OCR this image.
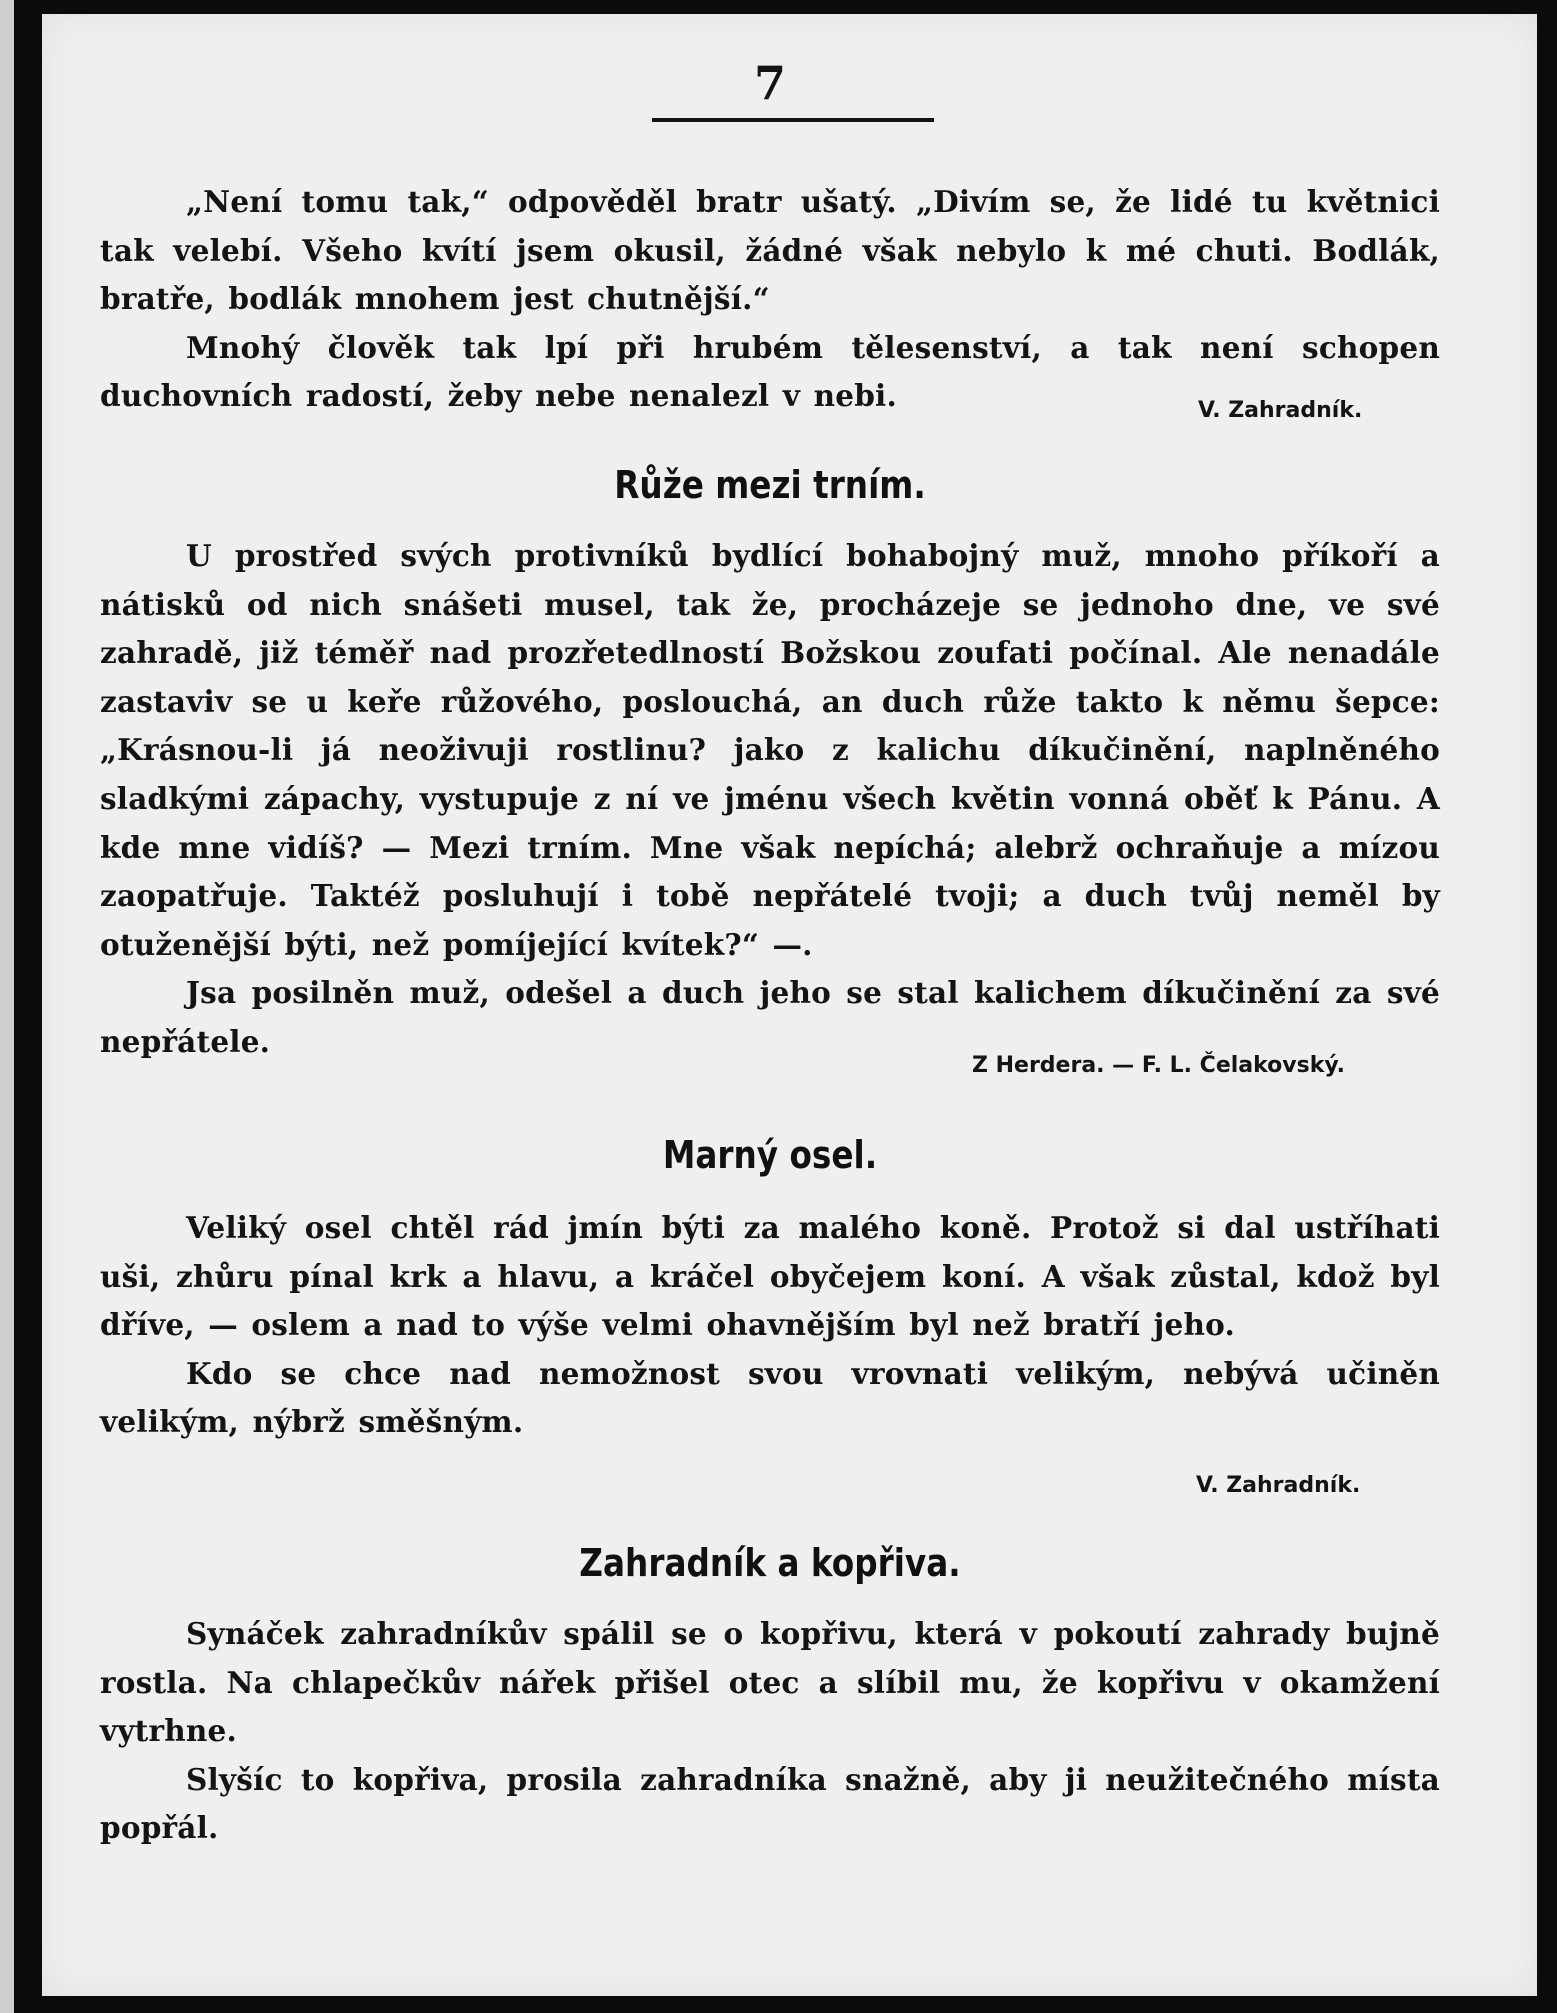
7

„Není tomu tak,“ odpověděl bratr ušatý. „Divím se, že lidé tu květnici tak velebí. Všeho kvítí jsem okusil, žádné však nebylo k mé chuti. Bodlák, bratře, bodlák mnohem jest chutnější.“

Mnohý člověk tak lpí při hrubém tělesenství, a tak není schopen duchovních radostí, žeby nebe nenalezl v nebi.	V. Zahradník.
Růže mezi trním.

U prostřed svých protivníků bydlící bohabojný muž, mnoho příkoří a nátisků od nich snášeti musel, tak že, procházeje se jednoho dne, ve své zahradě, již téměř nad prozřetedlností Božskou zoufati počínal. Ale nenadále zastaviv se u keře růžového, poslouchá, an duch růže takto k němu šepce: „Krásnou-li já neoživuji rostlinu? jako z kalichu díkučinění, naplněného sladkými zápachy, vystupuje z ní ve jménu všech květin vonná oběť k Pánu. A kde mne vidíš? — Mezi trním. Mne však nepíchá; alebrž ochraňuje a mízou zaopatřuje. Taktéž posluhují i tobě nepřátelé tvoji; a duch tvůj neměl by otuženější býti, než pomíjející kvítek?“ —.

Jsa posilněn muž, odešel a duch jeho se stal kalichem díkučinění za své nepřátele.

Z Herdera. — F. L. Čelakovský.
Marný osel.

Veliký osel chtěl rád jmín býti za malého koně. Protož si dal ustříhati uši, zhůru pínal krk a hlavu, a kráčel obyčejem koní. A však zůstal, kdož byl dříve, — oslem a nad to výše velmi ohavnějším byl než bratří jeho.

Kdo se chce nad nemožnost svou vrovnati velikým, nebývá učiněn velikým, nýbrž směšným.

V. Zahradník.
Zahradník a kopřiva.

Synáček zahradníkův spálil se o kopřivu, která v pokoutí zahrady bujně rostla. Na chlapečkův nářek přišel otec a slíbil mu, že kopřivu v okamžení vytrhne.

Slyšíc to kopřiva, prosila zahradníka snažně, aby ji neužitečného místa popřál.
